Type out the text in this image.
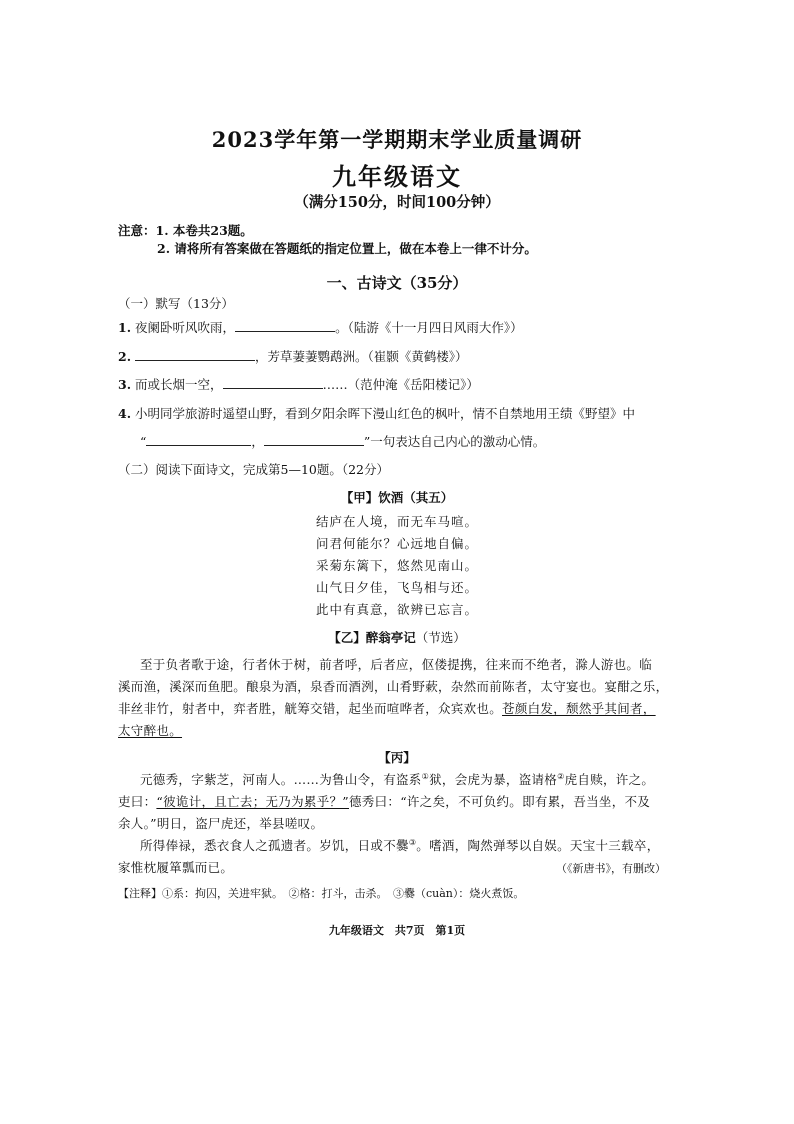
2023学年第一学期期末学业质量调研
九年级语文
（满分150分，时间100分钟）
注意：1. 本卷共23题。
2. 请将所有答案做在答题纸的指定位置上，做在本卷上一律不计分。
一、古诗文（35分）
（一）默写（13分）
1. 夜阑卧听风吹雨，	。（陆游《十一月四日风雨大作》）
2.	，芳草萋萋鹦鹉洲。（崔颢《黄鹤楼》）
3. 而或长烟一空，	……（范仲淹《岳阳楼记》）
4. 小明同学旅游时遥望山野，看到夕阳余晖下漫山红色的枫叶，情不自禁地用王绩《野望》中
“	，	”一句表达自己内心的激动心情。
（二）阅读下面诗文，完成第5—10题。（22分）
【甲】饮酒（其五）
结庐在人境，而无车马喧。
问君何能尔？心远地自偏。
采菊东篱下，悠然见南山。
山气日夕佳，飞鸟相与还。
此中有真意，欲辨已忘言。
【乙】醉翁亭记（节选）
至于负者歌于途，行者休于树，前者呼，后者应，伛偻提携，往来而不绝者，滁人游也。临
溪而渔，溪深而鱼肥。酿泉为酒，泉香而酒洌，山肴野蔌，杂然而前陈者，太守宴也。宴酣之乐，
非丝非竹，射者中，弈者胜，觥筹交错，起坐而喧哗者，众宾欢也。苍颜白发，颓然乎其间者，
太守醉也。
【丙】
元德秀，字紫芝，河南人。……为鲁山令，有盗系①狱，会虎为暴，盗请格②虎自赎，许之。
吏曰：“彼诡计，且亡去；无乃为累乎？”德秀曰：“许之矣，不可负约。即有累，吾当坐，不及
余人。”明日，盗尸虎还，举县嗟叹。
所得俸禄，悉衣食人之孤遗者。岁饥，日或不爨③。嗜酒，陶然弹琴以自娱。天宝十三载卒，
家惟枕履箪瓢而已。	（《新唐书》，有删改）
【注释】①系：拘囚，关进牢狱。　②格：打斗，击杀。　③爨（cuàn）：烧火煮饭。
九年级语文　共7页　第1页
